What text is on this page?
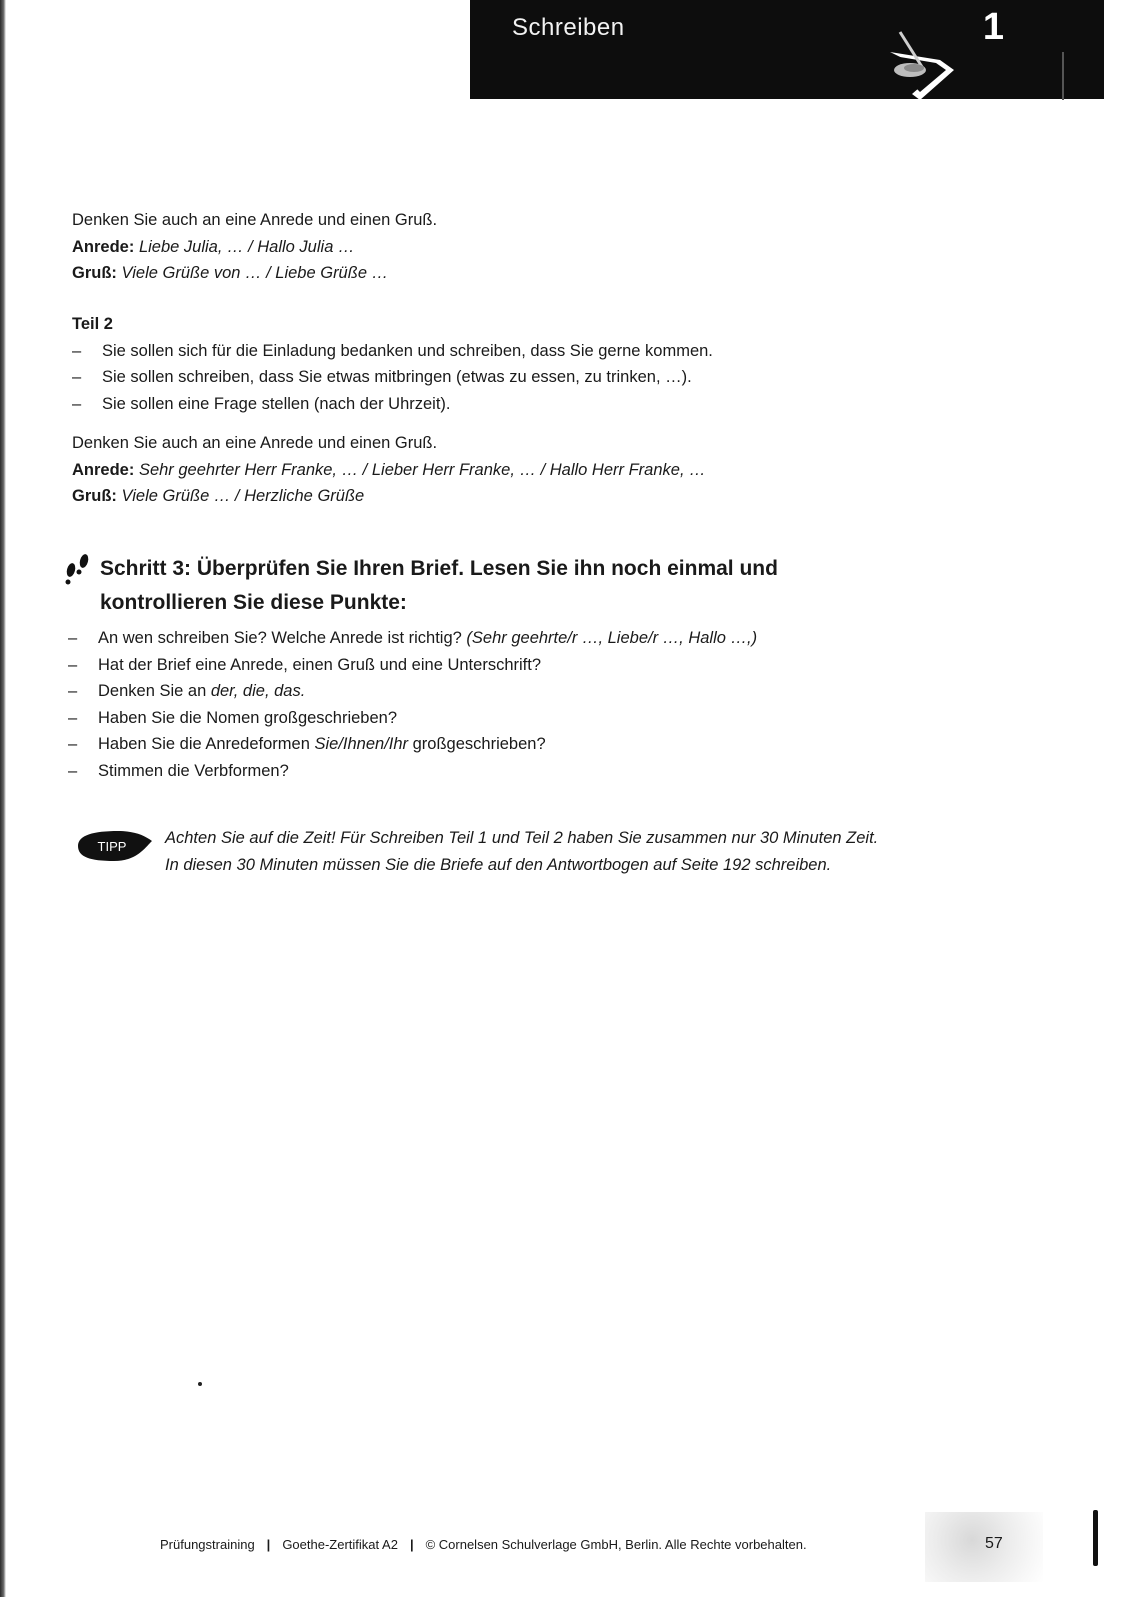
Schreiben	1

Denken Sie auch an eine Anrede und einen Gruß.

Anrede: Liebe Julia, … / Hallo Julia …

Gruß: Viele Grüße von … / Liebe Grüße …

Teil 2

– Sie sollen sich für die Einladung bedanken und schreiben, dass Sie gerne kommen.
– Sie sollen schreiben, dass Sie etwas mitbringen (etwas zu essen, zu trinken, …).
– Sie sollen eine Frage stellen (nach der Uhrzeit).

Denken Sie auch an eine Anrede und einen Gruß.

Anrede: Sehr geehrter Herr Franke, … / Lieber Herr Franke, … / Hallo Herr Franke, …

Gruß: Viele Grüße … / Herzliche Grüße

Schritt 3: Überprüfen Sie Ihren Brief. Lesen Sie ihn noch einmal und kontrollieren Sie diese Punkte:
– An wen schreiben Sie? Welche Anrede ist richtig? (Sehr geehrte/r …, Liebe/r …, Hallo …,)
– Hat der Brief eine Anrede, einen Gruß und eine Unterschrift?
– Denken Sie an der, die, das.
– Haben Sie die Nomen großgeschrieben?
– Haben Sie die Anredeformen Sie/Ihnen/Ihr großgeschrieben?
– Stimmen die Verbformen?
TIPP Achten Sie auf die Zeit! Für Schreiben Teil 1 und Teil 2 haben Sie zusammen nur 30 Minuten Zeit. In diesen 30 Minuten müssen Sie die Briefe auf den Antwortbogen auf Seite 192 schreiben.
Prüfungstraining | Goethe-Zertifikat A2 | © Cornelsen Schulverlage GmbH, Berlin. Alle Rechte vorbehalten.	57
